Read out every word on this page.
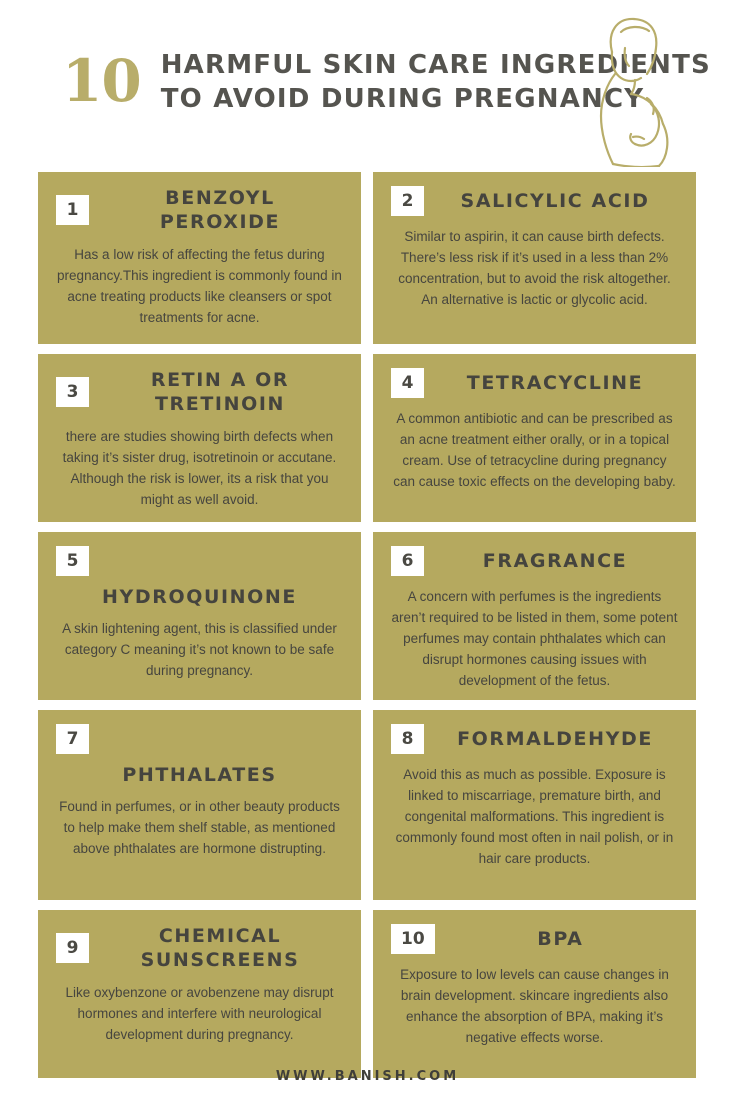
10 HARMFUL SKIN CARE INGREDIENTS
TO AVOID DURING PREGNANCY
1
BENZOYL PEROXIDE
Has a low risk of affecting the fetus during pregnancy.This ingredient is commonly found in acne treating products like cleansers or spot treatments for acne.
2	SALICYLIC ACID
Similar to aspirin, it can cause birth defects. There’s less risk if it’s used in a less than 2% concentration, but to avoid the risk altogether. An alternative is lactic or glycolic acid.
3
RETIN A OR TRETINOIN
there are studies showing birth defects when taking it’s sister drug, isotretinoin or accutane. Although the risk is lower, its a risk that you might as well avoid.
4	TETRACYCLINE
A common antibiotic and can be prescribed as an acne treatment either orally, or in a topical cream. Use of tetracycline during pregnancy can cause toxic effects on the developing baby.
5
HYDROQUINONE
A skin lightening agent, this is classified under category C meaning it’s not known to be safe during pregnancy.
6	FRAGRANCE
A concern with perfumes is the ingredients aren’t required to be listed in them, some potent perfumes may contain phthalates which can disrupt hormones causing issues with development of the fetus.
7
PHTHALATES
Found in perfumes, or in other beauty products to help make them shelf stable, as mentioned above phthalates are hormone distrupting.
8	FORMALDEHYDE
Avoid this as much as possible. Exposure is linked to miscarriage, premature birth, and congenital malformations. This ingredient is commonly found most often in nail polish, or in hair care products.
9
CHEMICAL SUNSCREENS
Like oxybenzone or avobenzene may disrupt hormones and interfere with neurological development during pregnancy.
10	BPA
Exposure to low levels can cause changes in brain development. skincare ingredients also enhance the absorption of BPA, making it’s negative effects worse.
WWW.BANISH.COM
